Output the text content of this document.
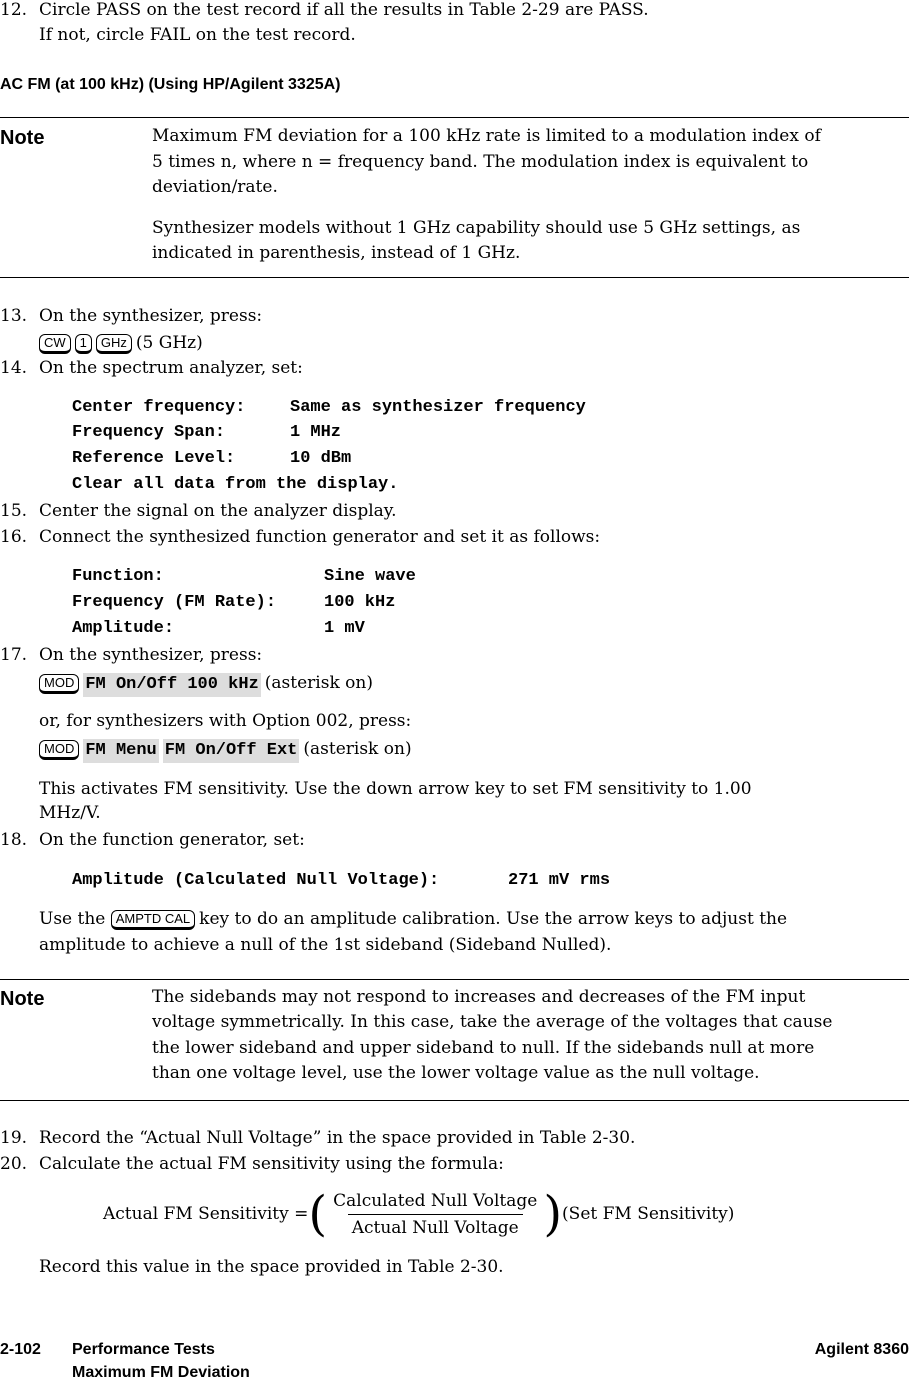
12. Circle PASS on the test record if all the results in Table 2-29 are PASS.
If not, circle FAIL on the test record.
AC FM (at 100 kHz) (Using HP/Agilent 3325A)
Note	Maximum FM deviation for a 100 kHz rate is limited to a modulation index of
5 times n, where n = frequency band. The modulation index is equivalent to
deviation/rate.
Synthesizer models without 1 GHz capability should use 5 GHz settings, as
indicated in parenthesis, instead of 1 GHz.
13. On the synthesizer, press:
CW 1 GHz (5 GHz)
14. On the spectrum analyzer, set:
Center frequency:	Same as synthesizer frequency
Frequency Span:	1 MHz
Reference Level:	10 dBm
Clear all data from the display.
15. Center the signal on the analyzer display.
16. Connect the synthesized function generator and set it as follows:
Function:	Sine wave
Frequency (FM Rate):	100 kHz
Amplitude:	1 mV
17. On the synthesizer, press:
MOD FM On/Off 100 kHz (asterisk on)
or, for synthesizers with Option 002, press:
MOD FM Menu FM On/Off Ext (asterisk on)
This activates FM sensitivity. Use the down arrow key to set FM sensitivity to 1.00
MHz/V.
18. On the function generator, set:
Amplitude (Calculated Null Voltage):	271 mV rms
Use the AMPTD CAL key to do an amplitude calibration. Use the arrow keys to adjust the
amplitude to achieve a null of the 1st sideband (Sideband Nulled).
Note	The sidebands may not respond to increases and decreases of the FM input
voltage symmetrically. In this case, take the average of the voltages that cause
the lower sideband and upper sideband to null. If the sidebands null at more
than one voltage level, use the lower voltage value as the null voltage.
19. Record the “Actual Null Voltage” in the space provided in Table 2-30.
20. Calculate the actual FM sensitivity using the formula:
Actual FM Sensitivity = ( $\frac{\text{Calculated Null Voltage}}{\text{Actual Null Voltage}}$ ) (Set FM Sensitivity)
Record this value in the space provided in Table 2-30.
2-102 Performance Tests
Maximum FM Deviation
Agilent 8360
